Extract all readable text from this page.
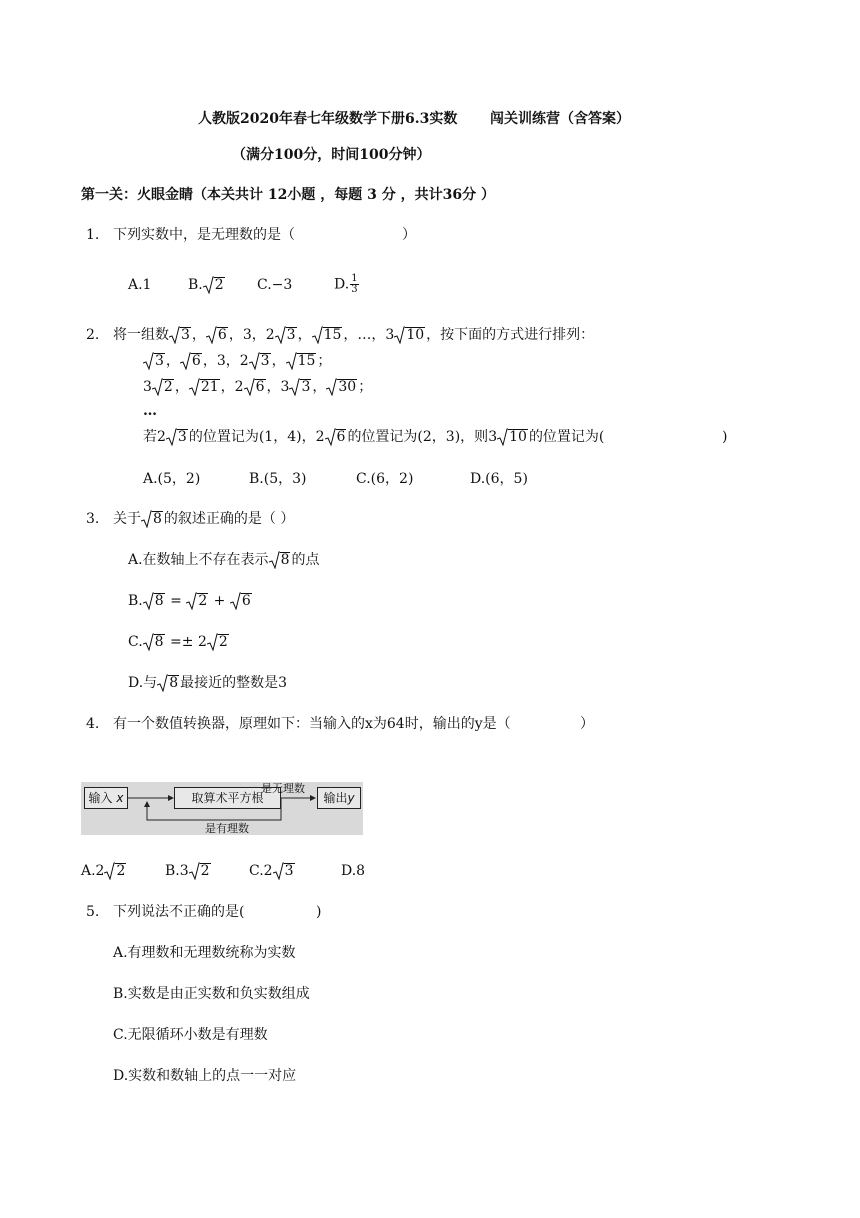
人教版2020年春七年级数学下册6.3实数 闯关训练营（含答案）
（满分100分，时间100分钟）
第一关：火眼金睛（本关共计 12小题 ，每题 3 分 ，共计36分 ）
1. 下列实数中，是无理数的是（	）
A.1	B. 2 C.−3	D. $\frac{1}{3}$
2. 将一组数 3 ， 6 ，3，2 3 ， 15 ，…，3 10 ，按下面的方式进行排列：
3 ， 6 ，3，2 3 ， 15 ；
3 2 ， 21 ，2 6 ，3 3 ， 30 ；
…
若2 3 的位置记为(1，4)，2 6 的位置记为(2，3)，则3 10 的位置记为(	)
A.(5，2)	B.(5，3)	C.(6，2)	D.(6，5)
3. 关于 8 的叙述正确的是（ ）
A.在数轴上不存在表示 8 的点
B. 8 =
2 +
6
C. 8 =± 2 2
D.与 8 最接近的整数是3
4. 有一个数值转换器，原理如下：当输入的x为64时，输出的y是（	）
输入 x	取算术平方根	输出y
是无理数
是有理数
A.2 2	B.3 2	C.2 3	D.8
5. 下列说法不正确的是(	)
A.有理数和无理数统称为实数
B.实数是由正实数和负实数组成
C.无限循环小数是有理数
D.实数和数轴上的点一一对应
